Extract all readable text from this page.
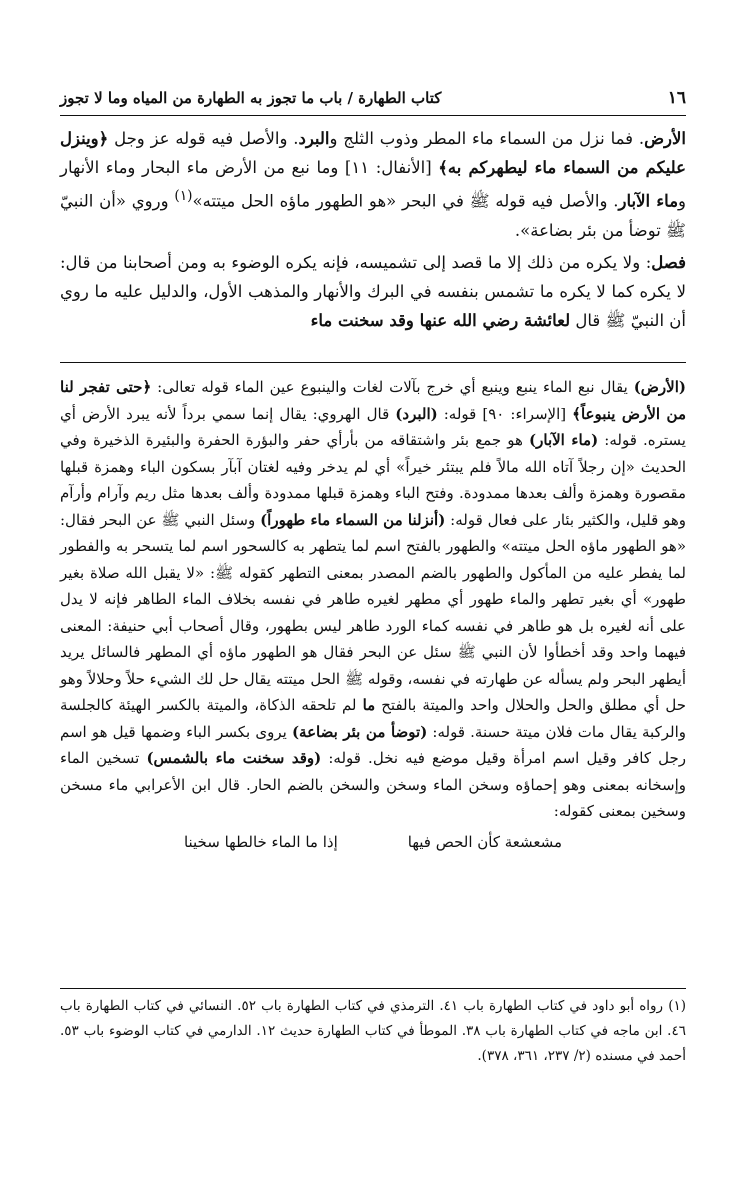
١٦
كتاب الطهارة / باب ما تجوز به الطهارة من المياه وما لا تجوز

الأرض. فما نزل من السماء ماء المطر وذوب الثلج والبرد. والأصل فيه قوله عز وجل ﴿وينزل عليكم من السماء ماء ليطهركم به﴾ [الأنفال: ١١] وما نبع من الأرض ماء البحار وماء الأنهار وماء الآبار. والأصل فيه قوله ﷺ في البحر «هو الطهور ماؤه الحل ميتته»$^{(١)}$ وروي «أن النبيّ ﷺ توضأ من بئر بضاعة».

فصل: ولا يكره من ذلك إلا ما قصد إلى تشميسه، فإنه يكره الوضوء به ومن أصحابنا من قال: لا يكره كما لا يكره ما تشمس بنفسه في البرك والأنهار والمذهب الأول، والدليل عليه ما روي أن النبيّ ﷺ قال لعائشة رضي الله عنها وقد سخنت ماء

(الأرض) يقال نبع الماء ينبع وينبع أي خرج بآلات لغات والينبوع عين الماء قوله تعالى: ﴿حتى تفجر لنا من الأرض ينبوعاً﴾ [الإسراء: ٩٠] قوله: (البرد) قال الهروي: يقال إنما سمي برداً لأنه يبرد الأرض أي يستره. قوله: (ماء الآبار) هو جمع بئر واشتقاقه من بأرأي حفر والبؤرة الحفرة والبئيرة الذخيرة وفي الحديث «إن رجلاً آتاه الله مالاً فلم يبتئر خيراً» أي لم يدخر وفيه لغتان آبآر بسكون الباء وهمزة قبلها مقصورة وهمزة وألف بعدها ممدودة. وفتح الباء وهمزة قبلها ممدودة وألف بعدها مثل ريم وآرام وأرآم وهو قليل، والكثير بئار على فعال قوله: (أنزلنا من السماء ماء طهوراً) وسئل النبي ﷺ عن البحر فقال: «هو الطهور ماؤه الحل ميتته» والطهور بالفتح اسم لما يتطهر به كالسحور اسم لما يتسحر به والفطور لما يفطر عليه من المأكول والطهور بالضم المصدر بمعنى التطهر كقوله ﷺ: «لا يقبل الله صلاة بغير طهور» أي بغير تطهر والماء طهور أي مطهر لغيره طاهر في نفسه بخلاف الماء الطاهر فإنه لا يدل على أنه لغيره بل هو طاهر في نفسه كماء الورد طاهر ليس بطهور، وقال أصحاب أبي حنيفة: المعنى فيهما واحد وقد أخطأوا لأن النبي ﷺ سئل عن البحر فقال هو الطهور ماؤه أي المطهر فالسائل يريد أيطهر البحر ولم يسأله عن طهارته في نفسه، وقوله ﷺ الحل ميتته يقال حل لك الشيء حلاً وحلالاً وهو حل أي مطلق والحل والحلال واحد والميتة بالفتح ما لم تلحقه الذكاة، والميتة بالكسر الهيئة كالجلسة والركبة يقال مات فلان ميتة حسنة. قوله: (توضأ من بئر بضاعة) يروى بكسر الباء وضمها قيل هو اسم رجل كافر وقيل اسم امرأة وقيل موضع فيه نخل. قوله: (وقد سخنت ماء بالشمس) تسخين الماء وإسخانه بمعنى وهو إحماؤه وسخن الماء وسخن والسخن بالضم الحار. قال ابن الأعرابي ماء مسخن وسخين بمعنى كقوله:

مشعشعة كأن الحص فيها
إذا ما الماء خالطها سخينا

(١) رواه أبو داود في كتاب الطهارة باب ٤١. الترمذي في كتاب الطهارة باب ٥٢. النسائي في كتاب الطهارة باب ٤٦. ابن ماجه في كتاب الطهارة باب ٣٨. الموطأ في كتاب الطهارة حديث ١٢. الدارمي في كتاب الوضوء باب ٥٣. أحمد في مسنده (٢/ ٢٣٧، ٣٦١، ٣٧٨).
